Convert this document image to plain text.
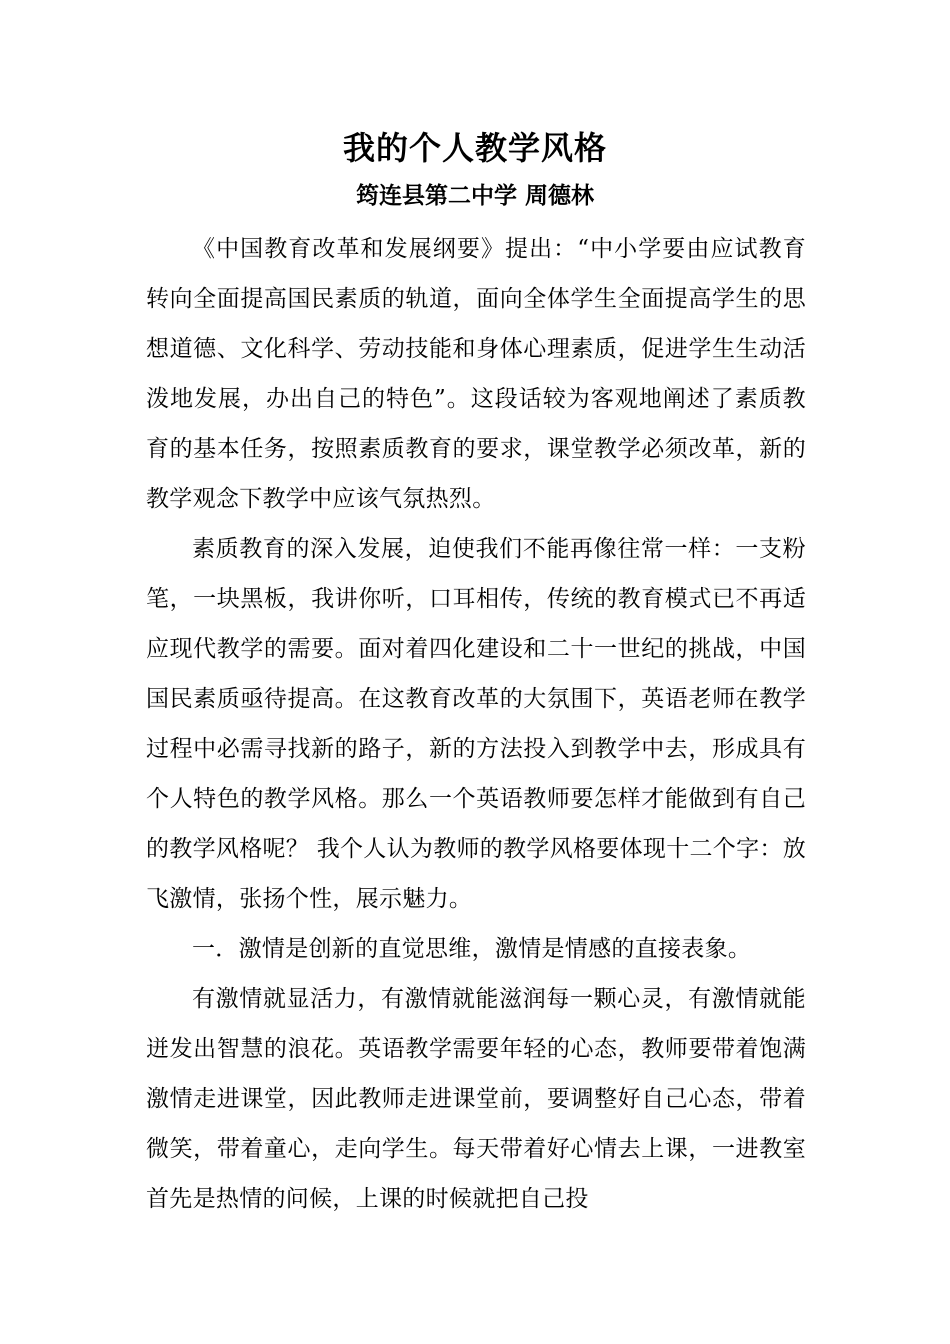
我的个人教学风格
筠连县第二中学 周德林

《中国教育改革和发展纲要》提出：“中小学要由应试教育转向全面提高国民素质的轨道，面向全体学生全面提高学生的思想道德、文化科学、劳动技能和身体心理素质，促进学生生动活泼地发展，办出自己的特色”。这段话较为客观地阐述了素质教育的基本任务，按照素质教育的要求，课堂教学必须改革，新的教学观念下教学中应该气氛热烈。

素质教育的深入发展，迫使我们不能再像往常一样：一支粉笔，一块黑板，我讲你听，口耳相传，传统的教育模式已不再适应现代教学的需要。面对着四化建设和二十一世纪的挑战，中国国民素质亟待提高。在这教育改革的大氛围下，英语老师在教学过程中必需寻找新的路子，新的方法投入到教学中去，形成具有个人特色的教学风格。那么一个英语教师要怎样才能做到有自己的教学风格呢？ 我个人认为教师的教学风格要体现十二个字：放飞激情，张扬个性，展示魅力。

一．激情是创新的直觉思维，激情是情感的直接表象。

有激情就显活力，有激情就能滋润每一颗心灵，有激情就能迸发出智慧的浪花。英语教学需要年轻的心态，教师要带着饱满激情走进课堂，因此教师走进课堂前，要调整好自己心态，带着微笑，带着童心，走向学生。每天带着好心情去上课，一进教室首先是热情的问候，上课的时候就把自己投
